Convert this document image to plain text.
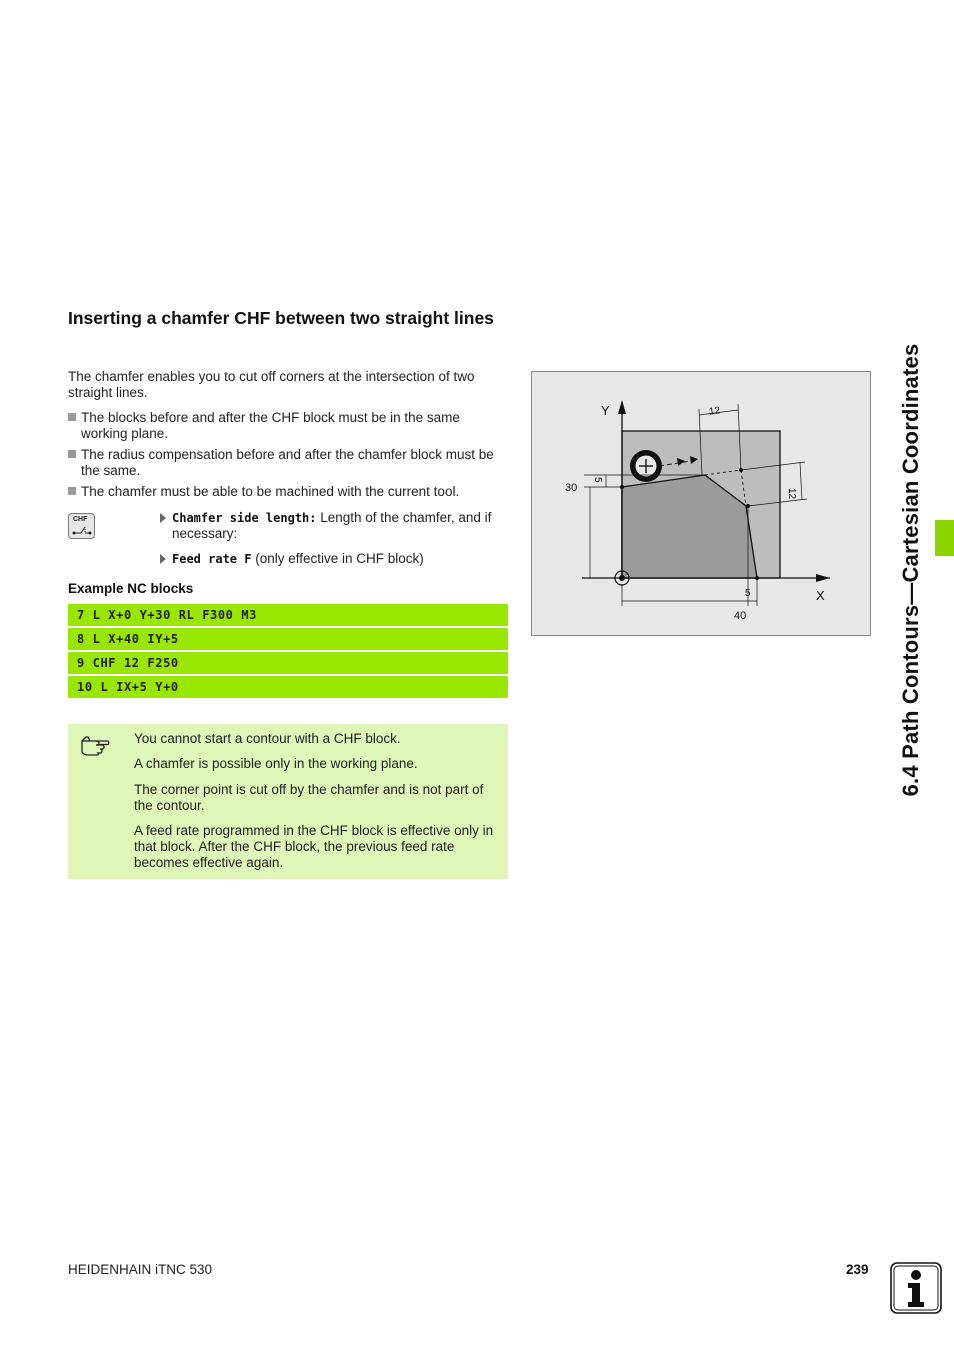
Inserting a chamfer CHF between two straight lines
The chamfer enables you to cut off corners at the intersection of two straight lines.
The blocks before and after the CHF block must be in the same working plane.
The radius compensation before and after the chamfer block must be the same.
The chamfer must be able to be machined with the current tool.
CHF	Chamfer side length: Length of the chamfer, and if necessary:
Feed rate F (only effective in CHF block)
Example NC blocks
7 L X+0 Y+30 RL F300 M3
8 L X+40 IY+5
9 CHF 12 F250
10 L IX+5 Y+0
You cannot start a contour with a CHF block.
A chamfer is possible only in the working plane.
The corner point is cut off by the chamfer and is not part of the contour.
A feed rate programmed in the CHF block is effective only in that block. After the CHF block, the previous feed rate becomes effective again.
Y
X
12
12
5
30
5
40	6.4 Path Contours—Cartesian Coordinates
HEIDENHAIN iTNC 530	239
